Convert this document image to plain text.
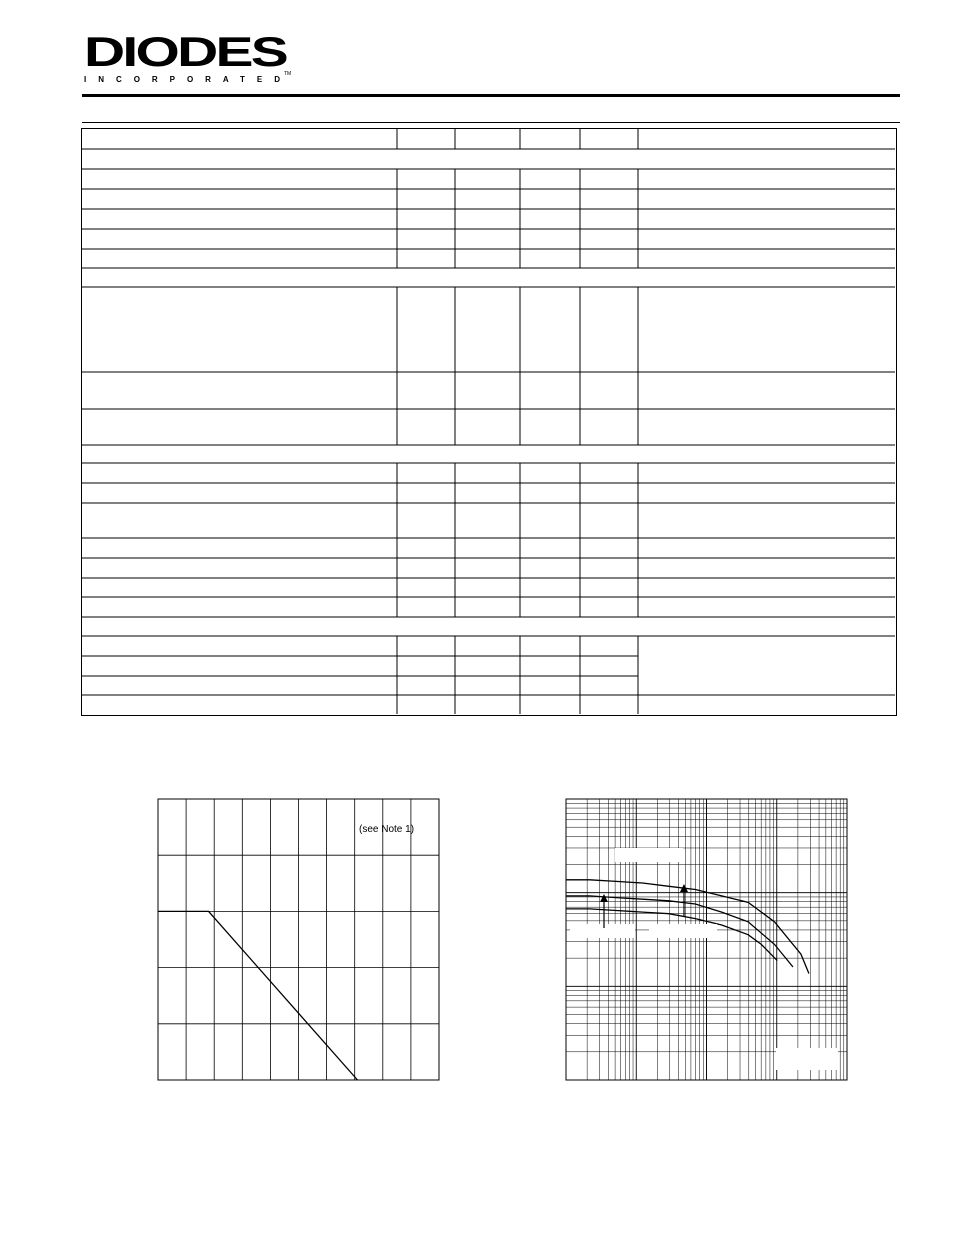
DIODES
INCORPORATED
TM
(see Note 1)
